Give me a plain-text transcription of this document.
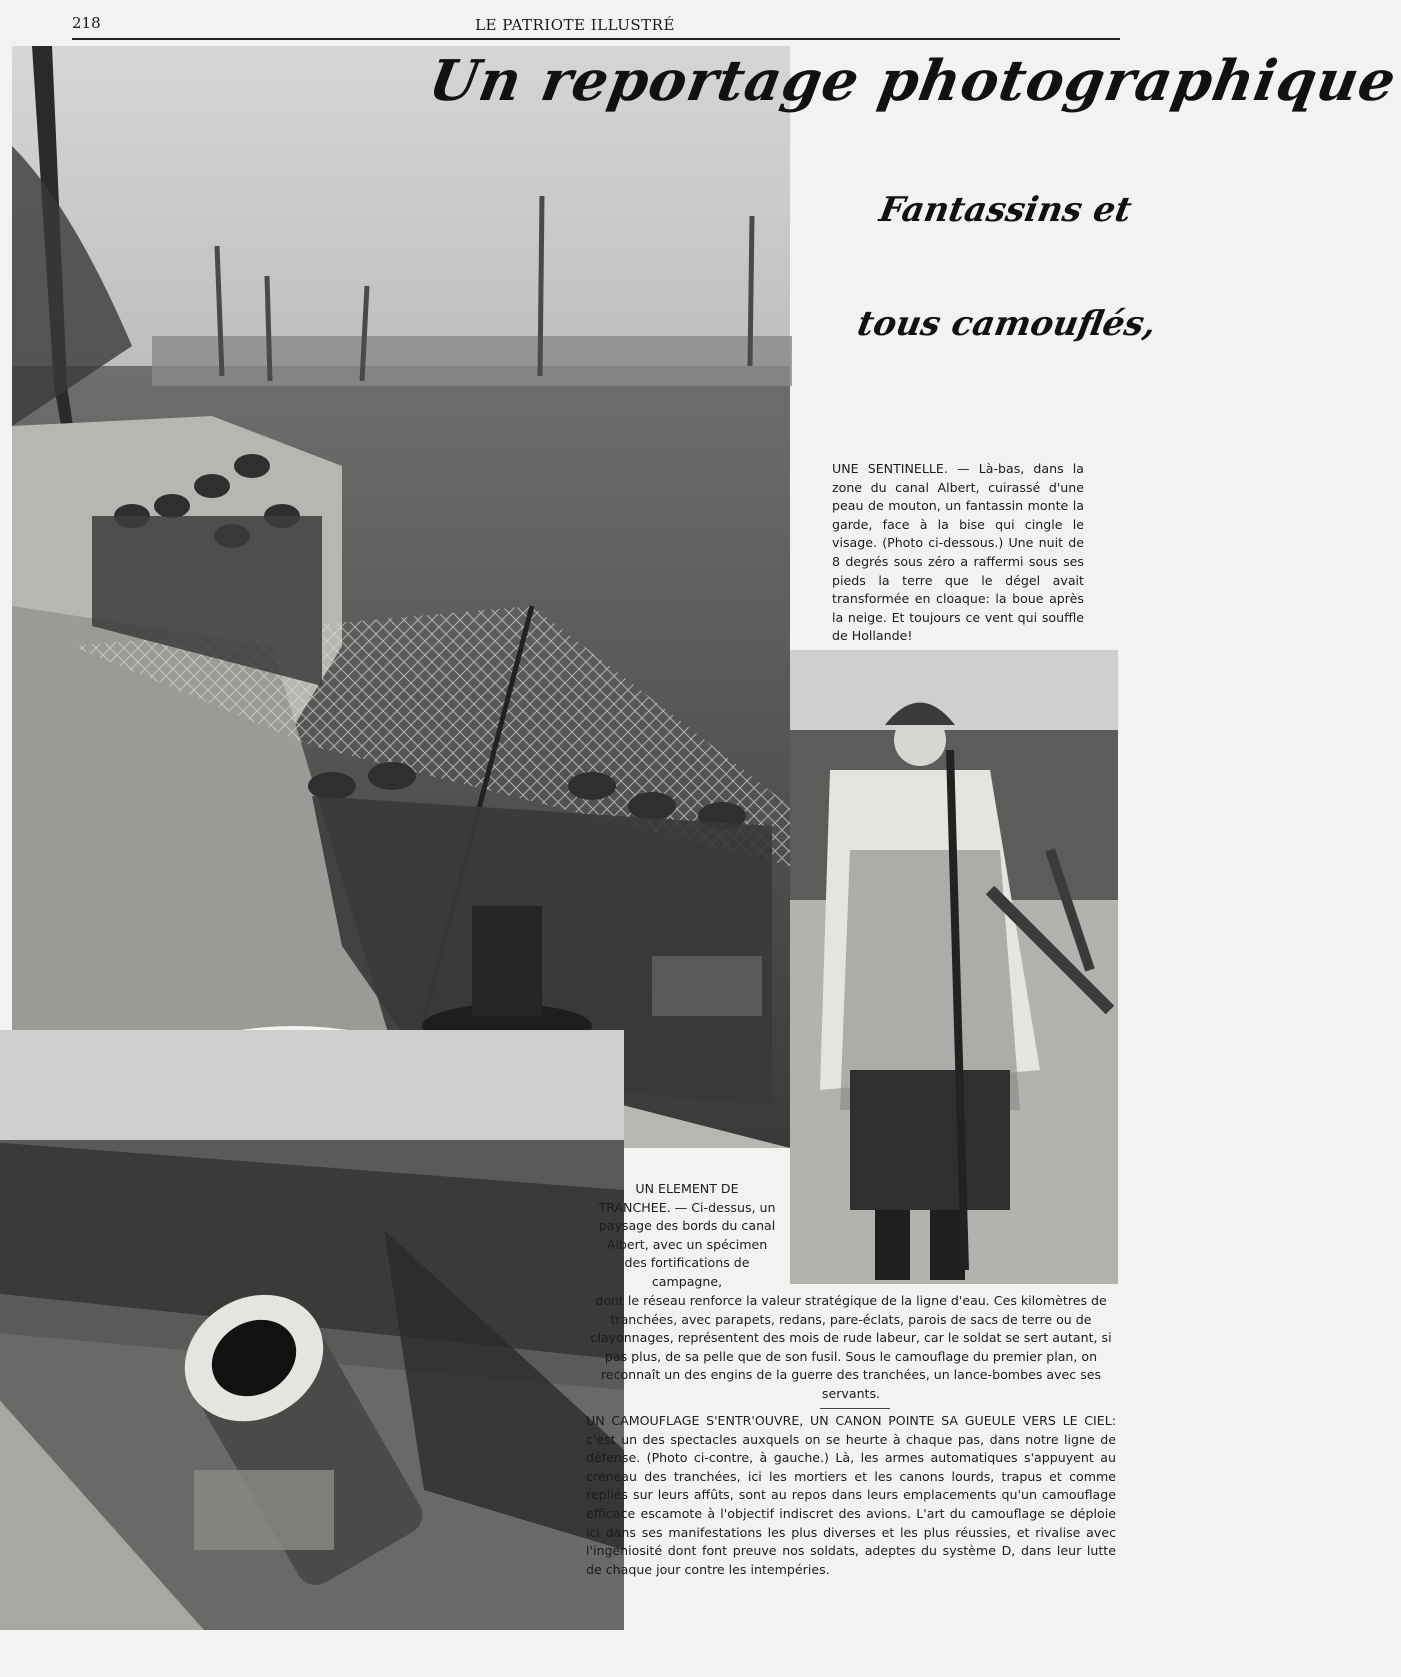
218	LE PATRIOTE ILLUSTRÉ
Un reportage photographique
Fantassins et
tous camouflés,
UNE SENTINELLE. — Là-bas, dans la zone du canal Albert, cuirassé d'une peau de mouton, un fantassin monte la garde, face à la bise qui cingle le visage. (Photo ci-dessous.) Une nuit de 8 degrés sous zéro a raffermi sous ses pieds la terre que le dégel avait transformée en cloaque: la boue après la neige. Et toujours ce vent qui souffle de Hollande!
UN ELEMENT DE TRANCHEE. — Ci-dessus, un paysage des bords du canal Albert, avec un spécimen des fortifications de campagne,
dont le réseau renforce la valeur stratégique de la ligne d'eau. Ces kilomètres de tranchées, avec parapets, redans, pare-éclats, parois de sacs de terre ou de clayonnages, représentent des mois de rude labeur, car le soldat se sert autant, si pas plus, de sa pelle que de son fusil. Sous le camouflage du premier plan, on reconnaît un des engins de la guerre des tranchées, un lance-bombes avec ses servants.
UN CAMOUFLAGE S'ENTR'OUVRE, UN CANON POINTE SA GUEULE VERS LE CIEL: c'est un des spectacles auxquels on se heurte à chaque pas, dans notre ligne de défense. (Photo ci-contre, à gauche.) Là, les armes automatiques s'appuyent au créneau des tranchées, ici les mortiers et les canons lourds, trapus et comme repliés sur leurs affûts, sont au repos dans leurs emplacements qu'un camouflage efficace escamote à l'objectif indiscret des avions. L'art du camouflage se déploie ici dans ses manifestations les plus diverses et les plus réussies, et rivalise avec l'ingéniosité dont font preuve nos soldats, adeptes du système D, dans leur lutte de chaque jour contre les intempéries.
